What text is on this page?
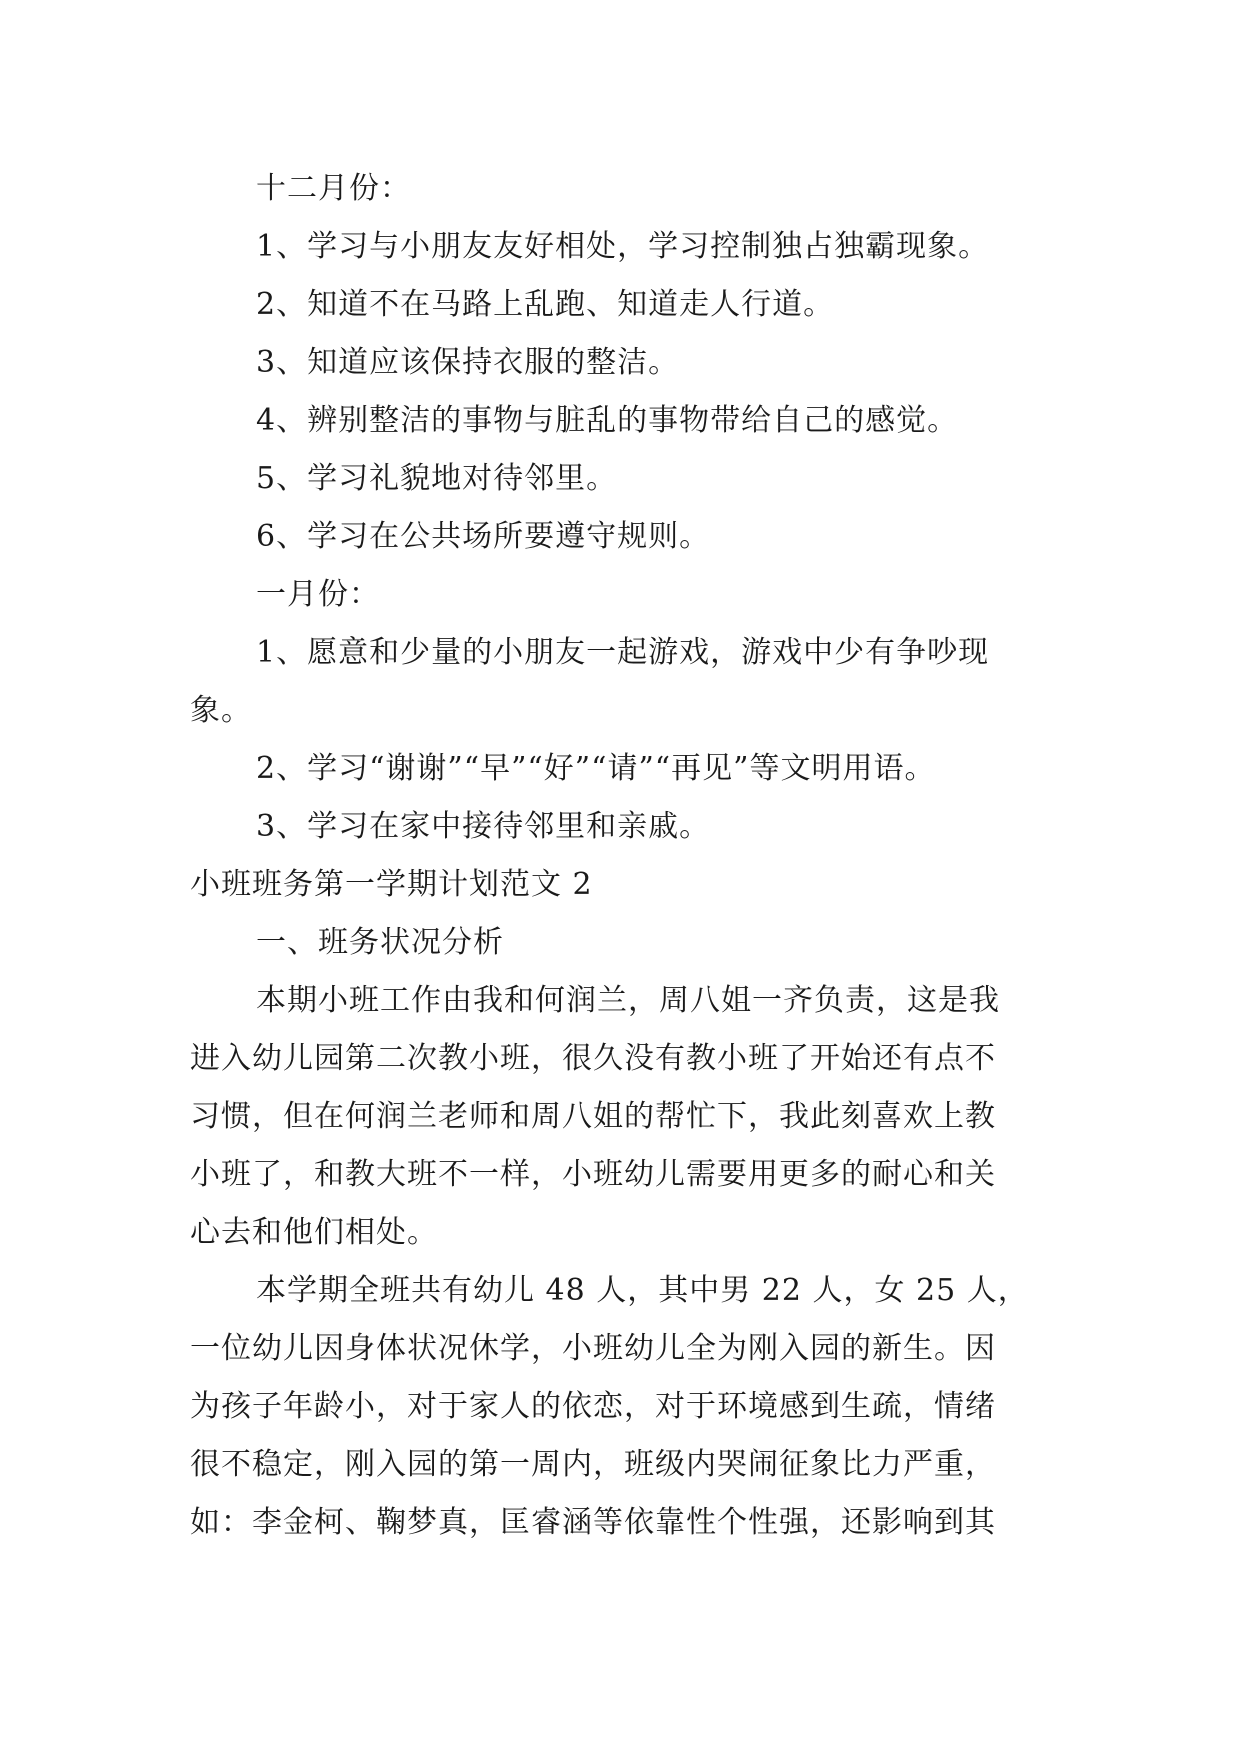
十二月份：
1、学习与小朋友友好相处，学习控制独占独霸现象。
2、知道不在马路上乱跑、知道走人行道。
3、知道应该保持衣服的整洁。
4、辨别整洁的事物与脏乱的事物带给自己的感觉。
5、学习礼貌地对待邻里。
6、学习在公共场所要遵守规则。
一月份：
1、愿意和少量的小朋友一起游戏，游戏中少有争吵现
象。
2、学习“谢谢”“早”“好”“请”“再见”等文明用语。
3、学习在家中接待邻里和亲戚。
小班班务第一学期计划范文 2
一、班务状况分析
本期小班工作由我和何润兰，周八姐一齐负责，这是我
进入幼儿园第二次教小班，很久没有教小班了开始还有点不
习惯，但在何润兰老师和周八姐的帮忙下，我此刻喜欢上教
小班了，和教大班不一样，小班幼儿需要用更多的耐心和关
心去和他们相处。
本学期全班共有幼儿 48 人，其中男 22 人，女 25 人，
一位幼儿因身体状况休学，小班幼儿全为刚入园的新生。因
为孩子年龄小，对于家人的依恋，对于环境感到生疏，情绪
很不稳定，刚入园的第一周内，班级内哭闹征象比力严重，
如：李金柯、鞠梦真，匡睿涵等依靠性个性强，还影响到其
